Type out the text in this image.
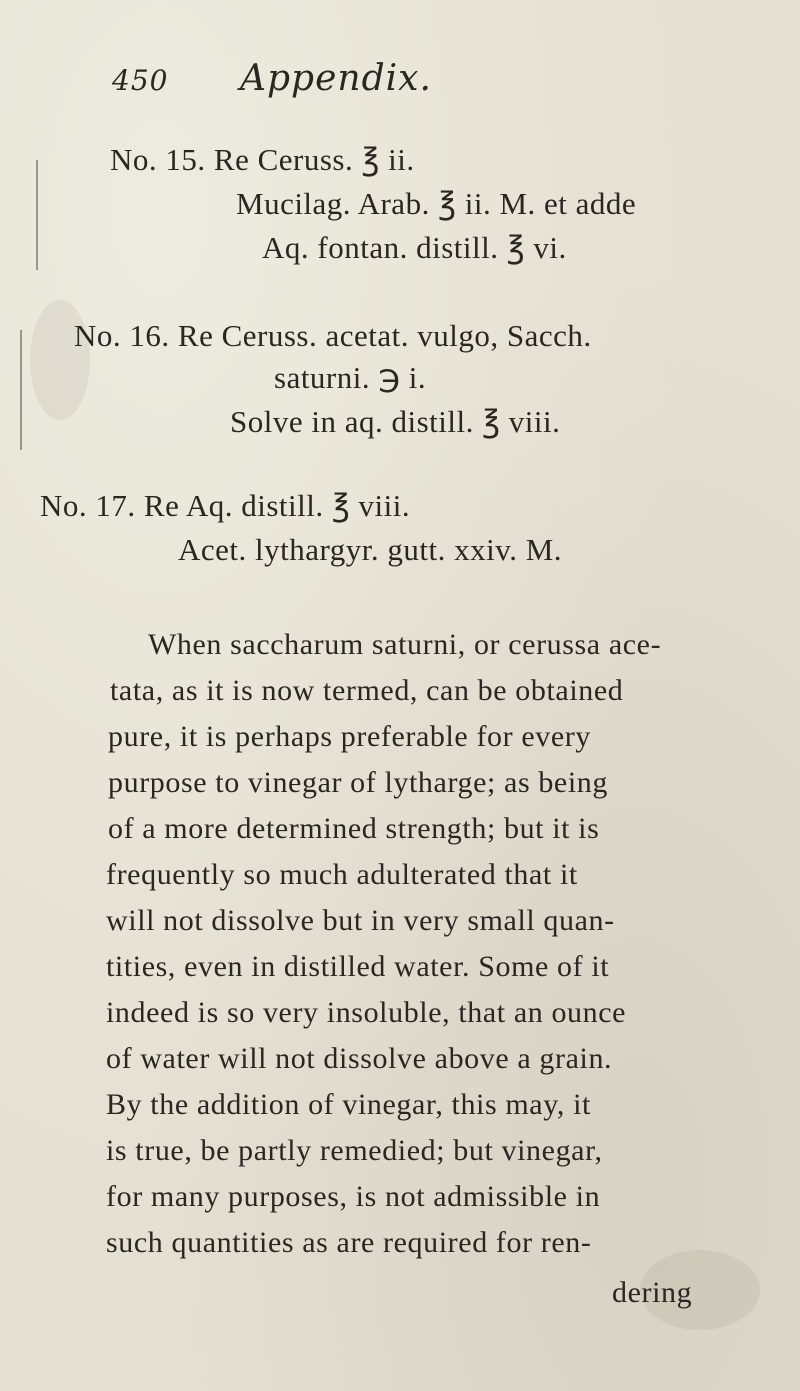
450 Appendix.
No. 15. Re Ceruss. ℥ ii.
Mucilag. Arab. ℥ ii. M. et adde
Aq. fontan. distill. ℥ vi.
No. 16. Re Ceruss. acetat. vulgo, Sacch.
saturni. ℈ i.
Solve in aq. distill. ℥ viii.
No. 17. Re Aq. distill. ℥ viii.
Acet. lythargyr. gutt. xxiv. M.
When saccharum saturni, or cerussa ace-
tata, as it is now termed, can be obtained
pure, it is perhaps preferable for every
purpose to vinegar of lytharge; as being
of a more determined strength; but it is
frequently so much adulterated that it
will not dissolve but in very small quan-
tities, even in distilled water. Some of it
indeed is so very insoluble, that an ounce
of water will not dissolve above a grain.
By the addition of vinegar, this may, it
is true, be partly remedied; but vinegar,
for many purposes, is not admissible in
such quantities as are required for ren-
dering
